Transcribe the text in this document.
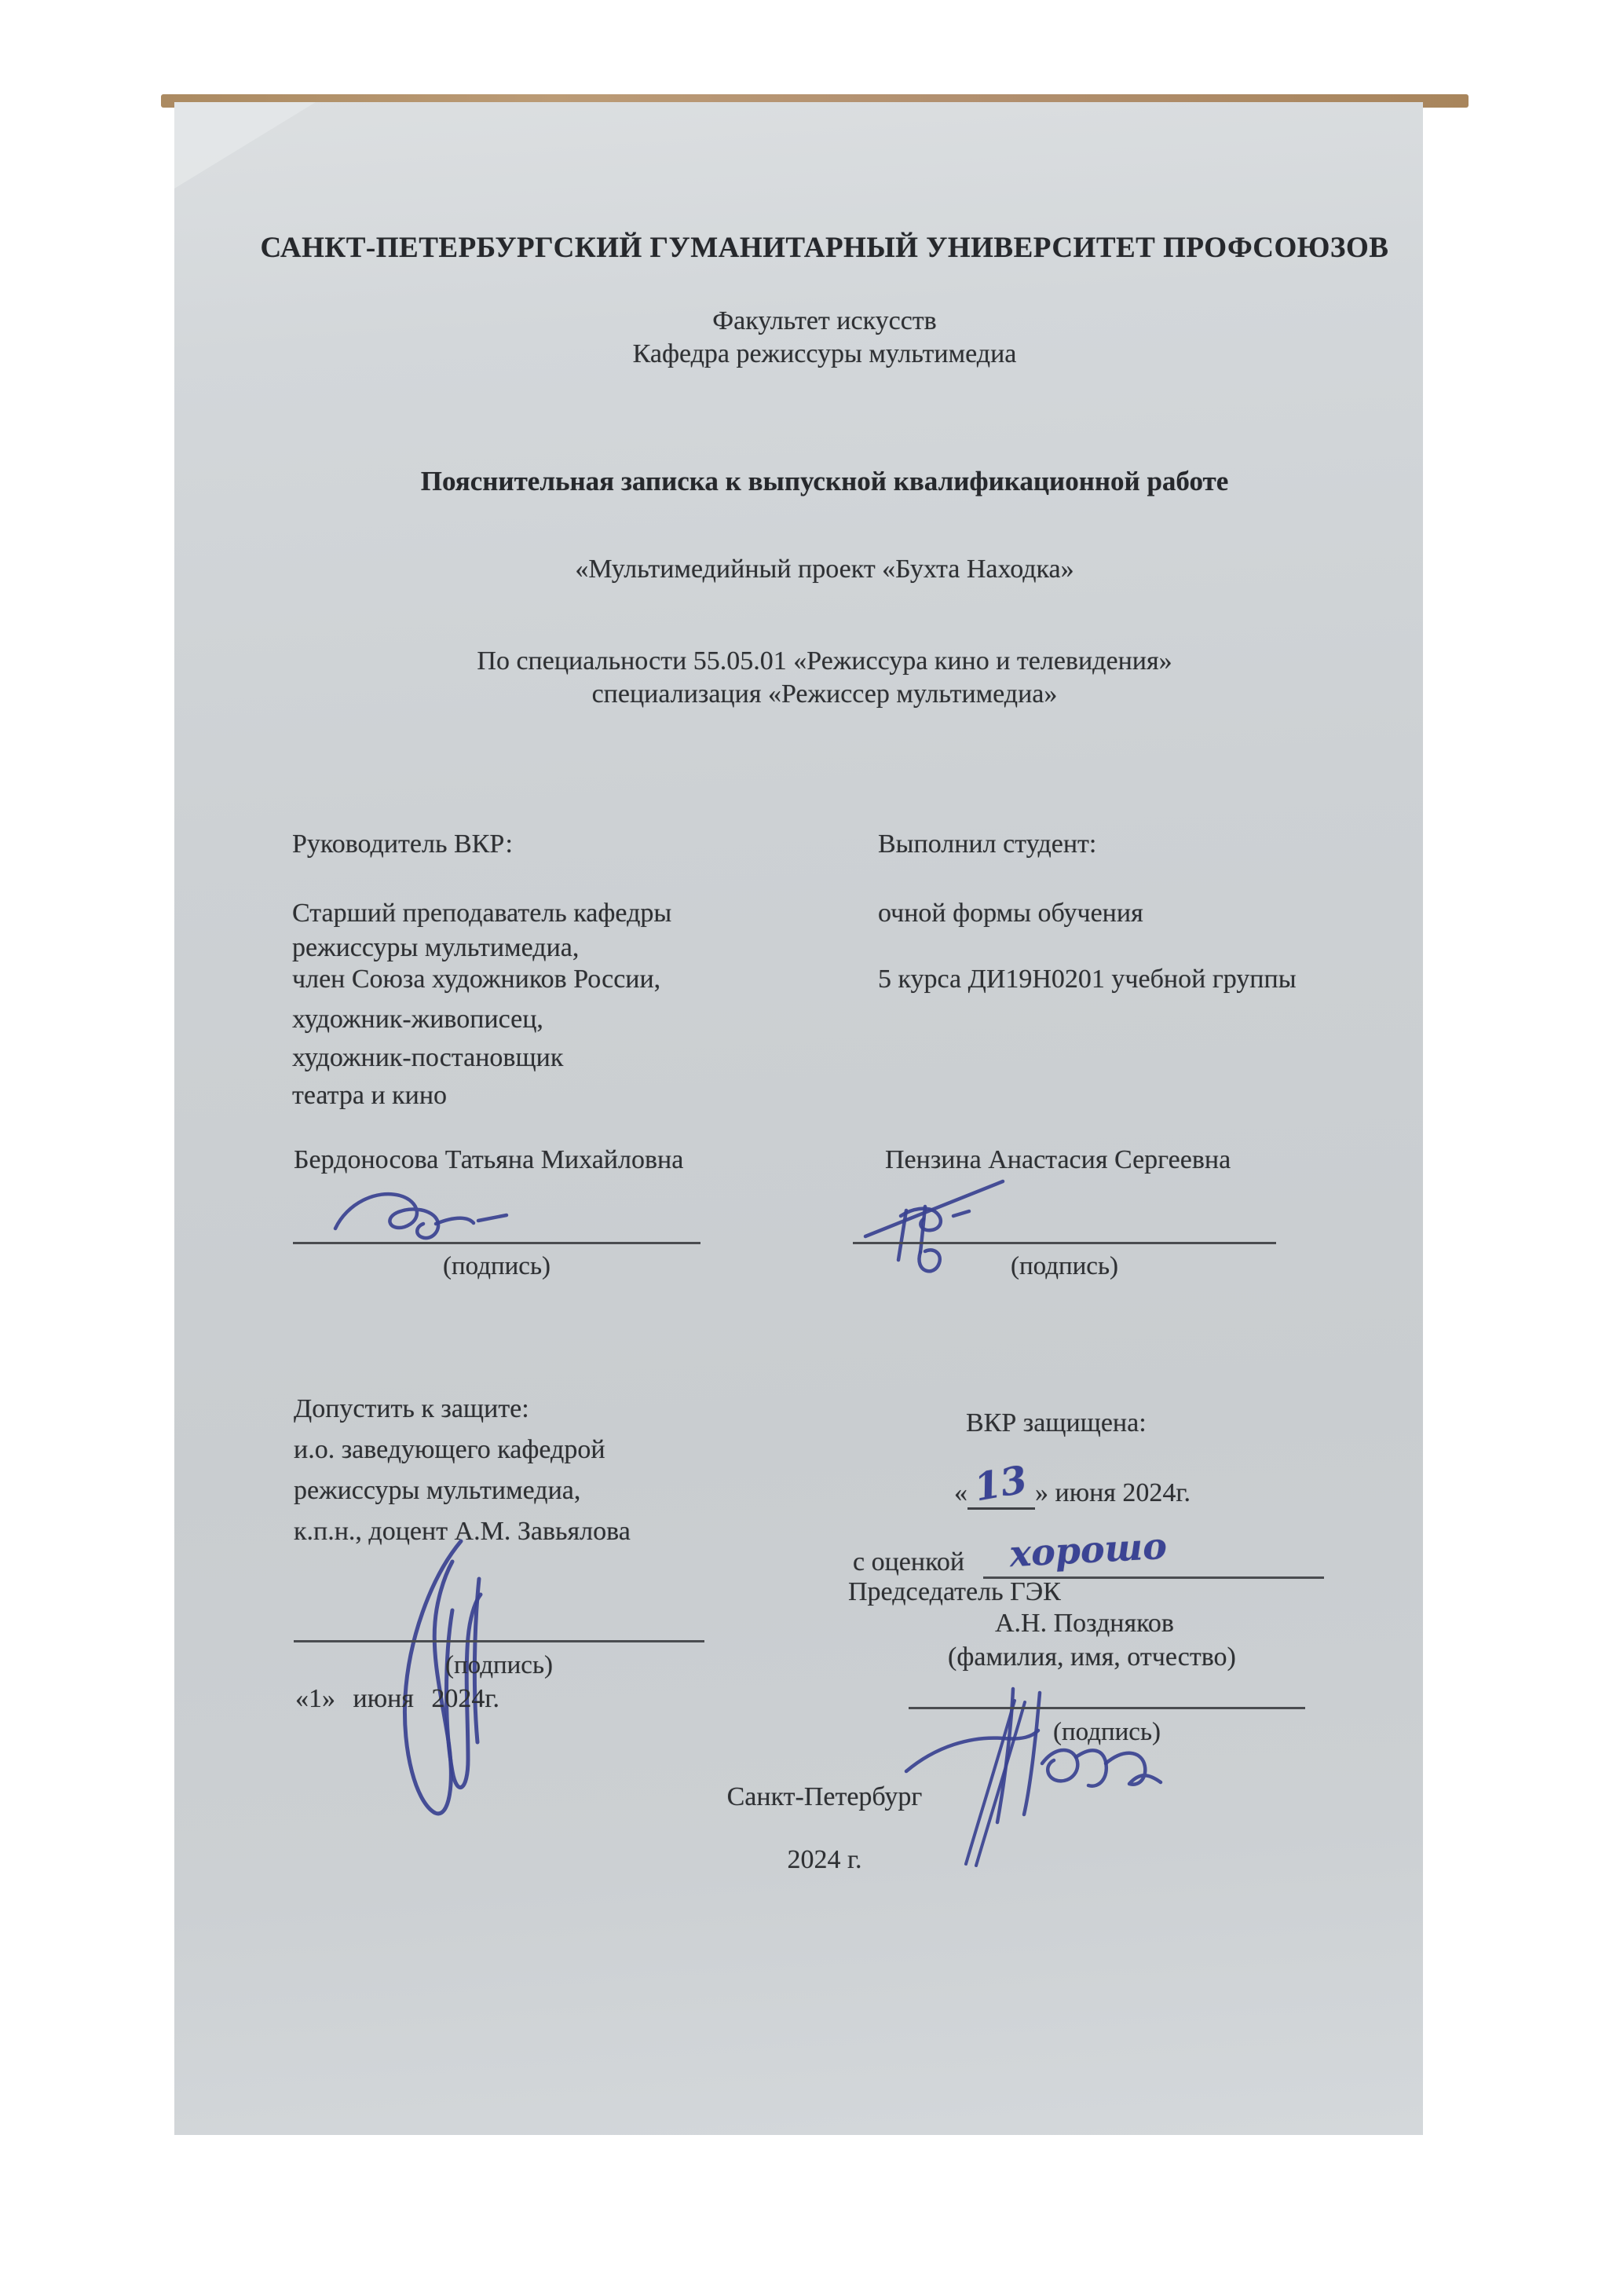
САНКТ-ПЕТЕРБУРГСКИЙ ГУМАНИТАРНЫЙ УНИВЕРСИТЕТ ПРОФСОЮЗОВ
Факультет искусств
Кафедра режиссуры мультимедиа
Пояснительная записка к выпускной квалификационной работе
«Мультимедийный проект «Бухта Находка»
По специальности 55.05.01 «Режиссура кино и телевидения»
специализация «Режиссер мультимедиа»
Руководитель ВКР:	Выполнил студент:
Старший преподаватель кафедры
режиссуры мультимедиа,
член Союза художников России,
художник-живописец,
художник-постановщик
театра и кино
очной формы обучения
5 курса ДИ19Н0201 учебной группы
Бердоносова Татьяна Михайловна	Пензина Анастасия Сергеевна
(подпись)	(подпись)
Допустить к защите:
и.о. заведующего кафедрой
режиссуры мультимедиа,
к.п.н., доцент А.М. Завьялова
(подпись)
«1» июня 2024г.
ВКР защищена:
«13 » июня 2024г.
с оценкой хорошо
Председатель ГЭК
А.Н. Поздняков
(фамилия, имя, отчество)
(подпись)
Санкт-Петербург
2024 г.
